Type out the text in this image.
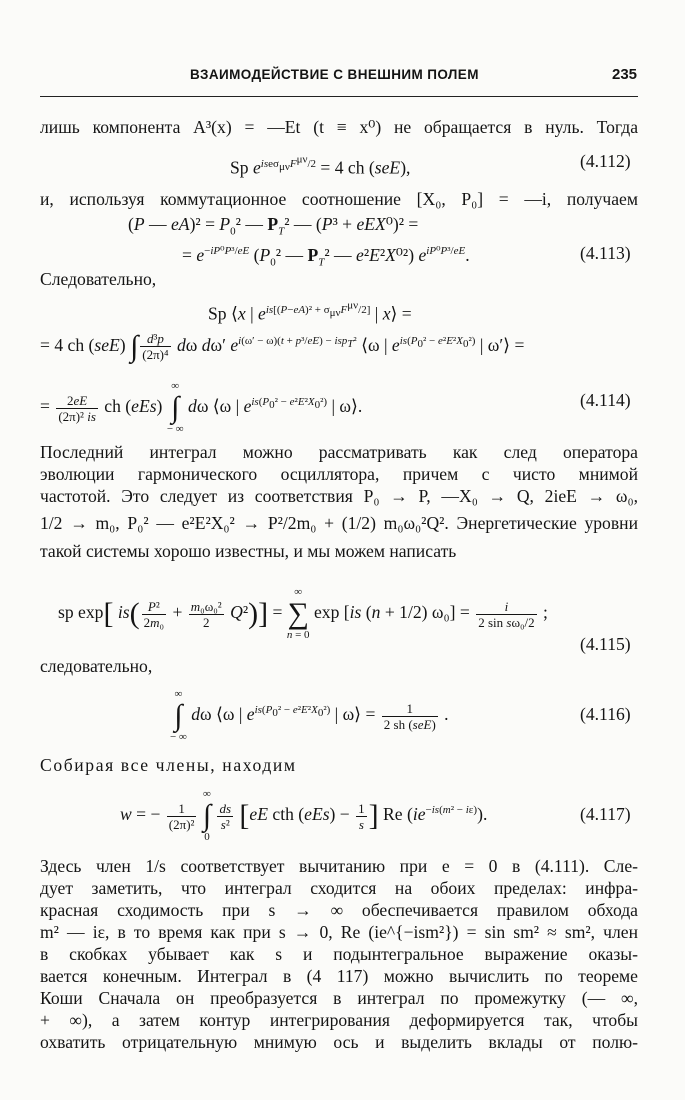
ВЗАИМОДЕЙСТВИЕ С ВНЕШНИМ ПОЛЕМ	235
лишь компонента A³(x) = —Et (t ≡ x⁰) не обращается в нуль. Тогда
Sp $e^{ise\sigma_{\mu\nu}F^{\mu\nu}/2} = 4$ ch (seE),	(4.112)
и, используя коммутационное соотношение [X₀, P₀] = —i, получаем
(P — $eA)^2 = P_0^2$ — $P_T^2$ — (P³ + eEX⁰)² =
= $e^{-iP^0P^3/eE}$ ($P_0^2$ — $P_T^2$ — e²E²X⁰²) $e^{iP^0P^3/eE}$.	(4.113)
Следовательно,
Sp ⟨x | $e^{is[(P-eA)^2 + \sigma_{\mu\nu}F^{\mu\nu}/2]}$ | x⟩ =
= 4 ch (seE) ∫ $\frac{\text{d³p}}{\text{(2π)⁴}}$ dω dω′ $e^{i(\omega' - \omega)(t + p^3/eE) - isp_T^2}$ ⟨ω | $e^{is(P_0^2 - e^2E^2X_0^2)}$ | ω′⟩ =
= $\frac{2eE}{\text{(2π)² is}}$ ch (eEs) ∞
∫
− ∞ dω ⟨ω | $e^{is(P_0^2 - e^2E^2X_0^2)}$ | ω⟩.	(4.114)
Последний интеграл можно рассматривать как след оператора
эволюции гармонического осциллятора, причем с чисто мнимой
частотой. Это следует из соответствия P₀ → P, —X₀ → Q, 2ieE → ω₀,
1/2 → m₀, P₀² — e²E²X₀² → P²/2m₀ + (1/2) m₀ω₀²Q². Энергетические уровни
такой системы хорошо известны, и мы можем написать
sp exp[ $is( \frac{\text{P²}}{\text{2m₀}} + \frac{\text{m₀ω₀²}}{2} Q^2)$] = ∞
∑
n = 0 exp [is (n + 1/2) $\omega_0] = \frac{i}{\text{2 sin sω₀/2}}$ ;
(4.115)
следовательно,
∞
∫
− ∞ dω ⟨ω | $e^{is(P_0^2 - e^2E^2X_0^2)}$ | ω⟩ = $\frac{1}{\text{2 sh (seE)}}$ .	(4.116)
Собирая все члены, находим
w = − $\frac{1}{\text{(2π)²}}$
∞
∫
0
$\frac{ds}{\text{s²}} [eE$ cth $(eEs) - \frac{1}{s}$ ] Re $(ie^{-is(m^2 - i\varepsilon)})$.	(4.117)
Здесь член 1/s соответствует вычитанию при e = 0 в (4.111). Сле-
дует заметить, что интеграл сходится на обоих пределах: инфра-
красная сходимость при s → ∞ обеспечивается правилом обхода
m² — iε, в то время как при s → 0, Re (ie^{−ism²}) = sin sm² ≈ sm², член
в скобках убывает как s и подынтегральное выражение оказы-
вается конечным. Интеграл в (4 117) можно вычислить по теореме
Коши Сначала он преобразуется в интеграл по промежутку (— ∞,
+ ∞), а затем контур интегрирования деформируется так, чтобы
охватить отрицательную мнимую ось и выделить вклады от полю-
